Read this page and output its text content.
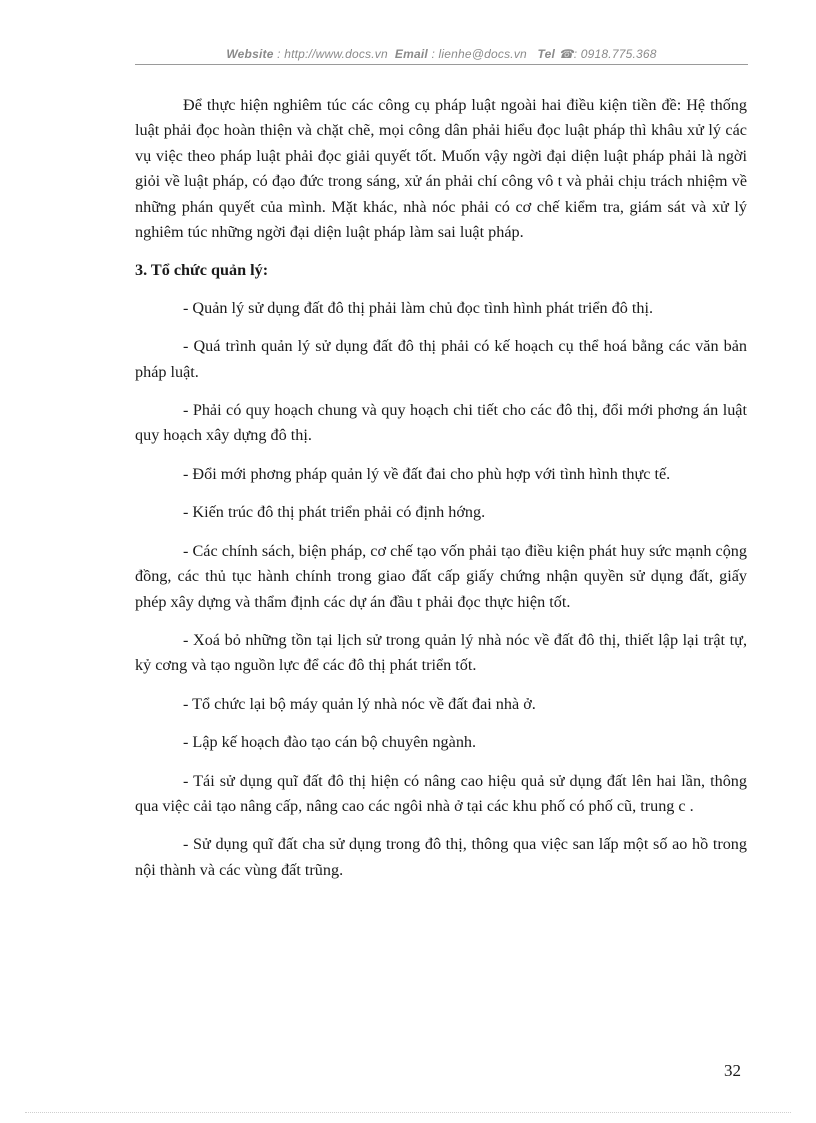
Website : http://www.docs.vn Email : lienhe@docs.vn Tel ☎: 0918.775.368

Để thực hiện nghiêm túc các công cụ pháp luật ngoài hai điều kiện tiền đề: Hệ thống luật phải đọc hoàn thiện và chặt chẽ, mọi công dân phải hiểu đọc luật pháp thì khâu xử lý các vụ việc theo pháp luật phải đọc giải quyết tốt. Muốn vậy ngời đại diện luật pháp phải là ngời giỏi về luật pháp, có đạo đức trong sáng, xử án phải chí công vô t và phải chịu trách nhiệm về những phán quyết của mình. Mặt khác, nhà nóc phải có cơ chế kiểm tra, giám sát và xử lý nghiêm túc những ngời đại diện luật pháp làm sai luật pháp.

3. Tổ chức quản lý:

- Quản lý sử dụng đất đô thị phải làm chủ đọc tình hình phát triển đô thị.

- Quá trình quản lý sử dụng đất đô thị phải có kế hoạch cụ thể hoá bằng các văn bản pháp luật.

- Phải có quy hoạch chung và quy hoạch chi tiết cho các đô thị, đổi mới phơng án luật quy hoạch xây dựng đô thị.

- Đổi mới phơng pháp quản lý về đất đai cho phù hợp với tình hình thực tế.

- Kiến trúc đô thị phát triển phải có định hớng.

- Các chính sách, biện pháp, cơ chế tạo vốn phải tạo điều kiện phát huy sức mạnh cộng đồng, các thủ tục hành chính trong giao đất cấp giấy chứng nhận quyền sử dụng đất, giấy phép xây dựng và thẩm định các dự án đầu t phải đọc thực hiện tốt.

- Xoá bỏ những tồn tại lịch sử trong quản lý nhà nóc về đất đô thị, thiết lập lại trật tự, kỷ cơng và tạo nguồn lực để các đô thị phát triển tốt.

- Tổ chức lại bộ máy quản lý nhà nóc về đất đai nhà ở.

- Lập kế hoạch đào tạo cán bộ chuyên ngành.

- Tái sử dụng quĩ đất đô thị hiện có nâng cao hiệu quả sử dụng đất lên hai lần, thông qua việc cải tạo nâng cấp, nâng cao các ngôi nhà ở tại các khu phố có phố cũ, trung c .

- Sử dụng quĩ đất cha sử dụng trong đô thị, thông qua việc san lấp một số ao hồ trong nội thành và các vùng đất trũng.

32
